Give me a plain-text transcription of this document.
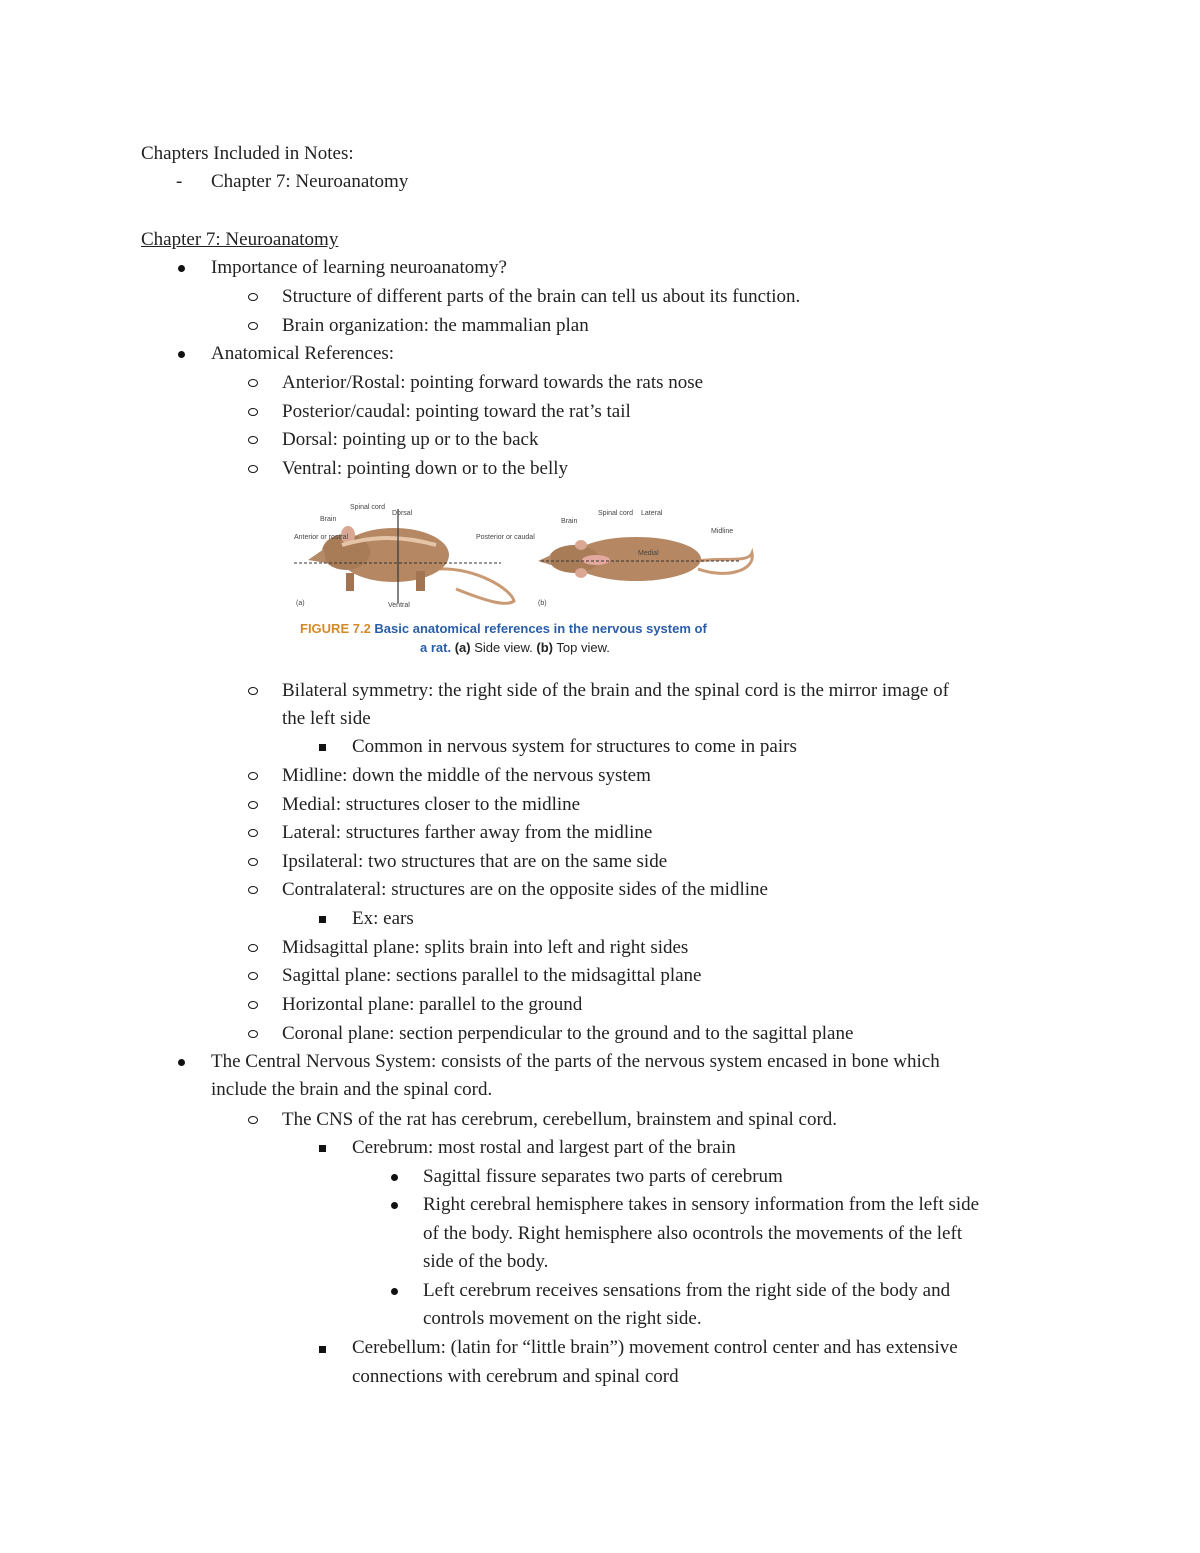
Chapters Included in Notes:
- Chapter 7: Neuroanatomy
Chapter 7: Neuroanatomy
Importance of learning neuroanatomy?
Structure of different parts of the brain can tell us about its function.
Brain organization: the mammalian plan
Anatomical References:
Anterior/Rostal: pointing forward towards the rats nose
Posterior/caudal: pointing toward the rat’s tail
Dorsal: pointing up or to the back
Ventral: pointing down or to the belly
Brain
Spinal cord
Dorsal
Anterior or rostral	Posterior or caudal
Ventral
(a)
Brain
Spinal cord Lateral
Midline
Medial
(b)
FIGURE 7.2 Basic anatomical references in the nervous system of
a rat. (a) Side view. (b) Top view.
Bilateral symmetry: the right side of the brain and the spinal cord is the mirror image of
the left side
Common in nervous system for structures to come in pairs
Midline: down the middle of the nervous system
Medial: structures closer to the midline
Lateral: structures farther away from the midline
Ipsilateral: two structures that are on the same side
Contralateral: structures are on the opposite sides of the midline
Ex: ears
Midsagittal plane: splits brain into left and right sides
Sagittal plane: sections parallel to the midsagittal plane
Horizontal plane: parallel to the ground
Coronal plane: section perpendicular to the ground and to the sagittal plane
The Central Nervous System: consists of the parts of the nervous system encased in bone which
include the brain and the spinal cord.
The CNS of the rat has cerebrum, cerebellum, brainstem and spinal cord.
Cerebrum: most rostal and largest part of the brain
Sagittal fissure separates two parts of cerebrum
Right cerebral hemisphere takes in sensory information from the left side
of the body. Right hemisphere also ocontrols the movements of the left
side of the body.
Left cerebrum receives sensations from the right side of the body and
controls movement on the right side.
Cerebellum: (latin for “little brain”) movement control center and has extensive
connections with cerebrum and spinal cord
